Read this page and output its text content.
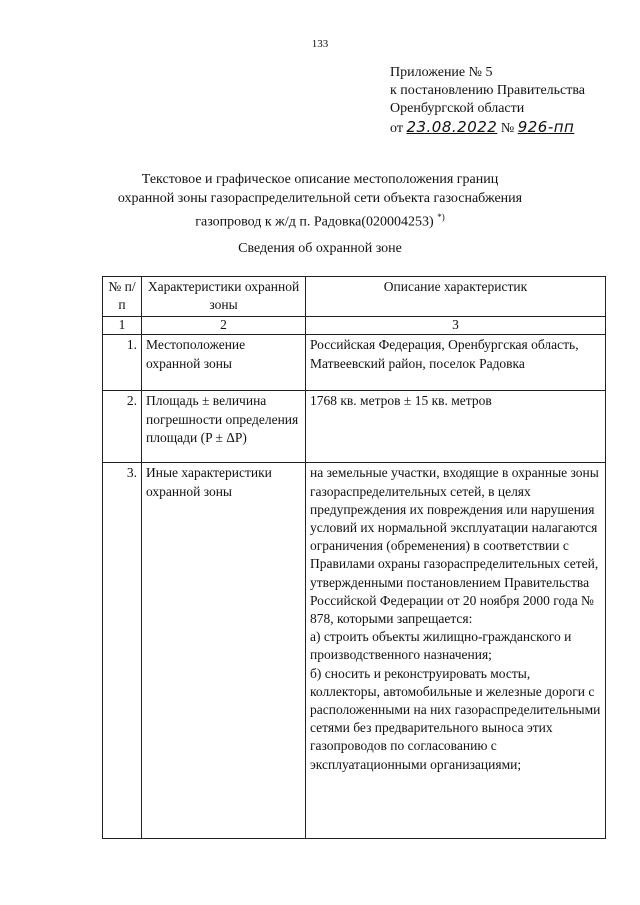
133
Приложение № 5
к постановлению Правительства
Оренбургской области
от 23.08.2022 № 926-пп
Текстовое и графическое описание местоположения границ
охранной зоны газораспределительной сети объекта газоснабжения
газопровод к ж/д п. Радовка(020004253) *)
Сведения об охранной зоне
№ п/п	Характеристики охранной зоны	Описание характеристик
1	2	3
1.	Местоположение охранной зоны	Российская Федерация, Оренбургская область, Матвеевский район, поселок Радовка
2.	Площадь ± величина погрешности определения площади (P ± ΔP)	1768 кв. метров ± 15 кв. метров
3.	Иные характеристики охранной зоны	на земельные участки, входящие в охранные зоны газораспределительных сетей, в целях предупреждения их повреждения или нарушения условий их нормальной эксплуатации налагаются ограничения (обременения) в соответствии с Правилами охраны газораспределительных сетей, утвержденными постановлением Правительства Российской Федерации от 20 ноября 2000 года № 878, которыми запрещается:
а) строить объекты жилищно-гражданского и производственного назначения;
б) сносить и реконструировать мосты, коллекторы, автомобильные и железные дороги с расположенными на них газораспределительными сетями без предварительного выноса этих газопроводов по согласованию с эксплуатационными организациями;
